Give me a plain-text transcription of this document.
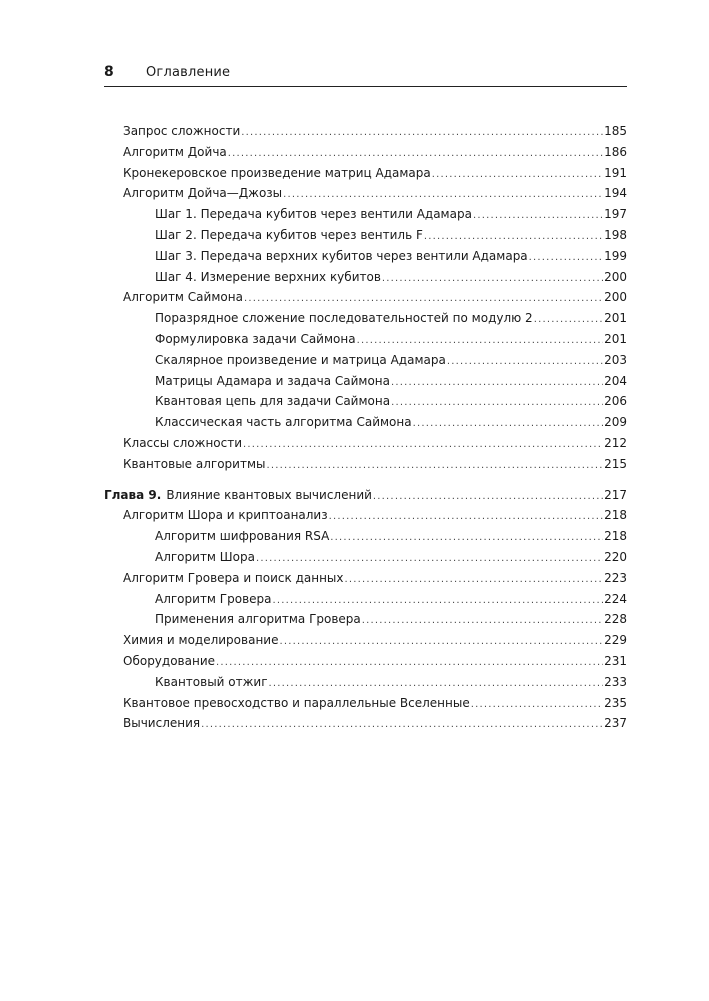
8	Оглавление
Запрос сложности .....	185
Алгоритм Дойча .....	186
Кронекеровское произведение матриц Адамара .....	191
Алгоритм Дойча—Джозы .....	194
Шаг 1. Передача кубитов через вентили Адамара .....	197
Шаг 2. Передача кубитов через вентиль F .....	198
Шаг 3. Передача верхних кубитов через вентили Адамара .....	199
Шаг 4. Измерение верхних кубитов .....	200
Алгоритм Саймона .....	200
Поразрядное сложение последовательностей по модулю 2 .....	201
Формулировка задачи Саймона .....	201
Скалярное произведение и матрица Адамара .....	203
Матрицы Адамара и задача Саймона .....	204
Квантовая цепь для задачи Саймона .....	206
Классическая часть алгоритма Саймона .....	209
Классы сложности .....	212
Квантовые алгоритмы .....	215
Глава 9. Влияние квантовых вычислений .....	217
Алгоритм Шора и криптоанализ .....	218
Алгоритм шифрования RSA .....	218
Алгоритм Шора .....	220
Алгоритм Гровера и поиск данных .....	223
Алгоритм Гровера .....	224
Применения алгоритма Гровера .....	228
Химия и моделирование .....	229
Оборудование .....	231
Квантовый отжиг .....	233
Квантовое превосходство и параллельные Вселенные .....	235
Вычисления .....	237
